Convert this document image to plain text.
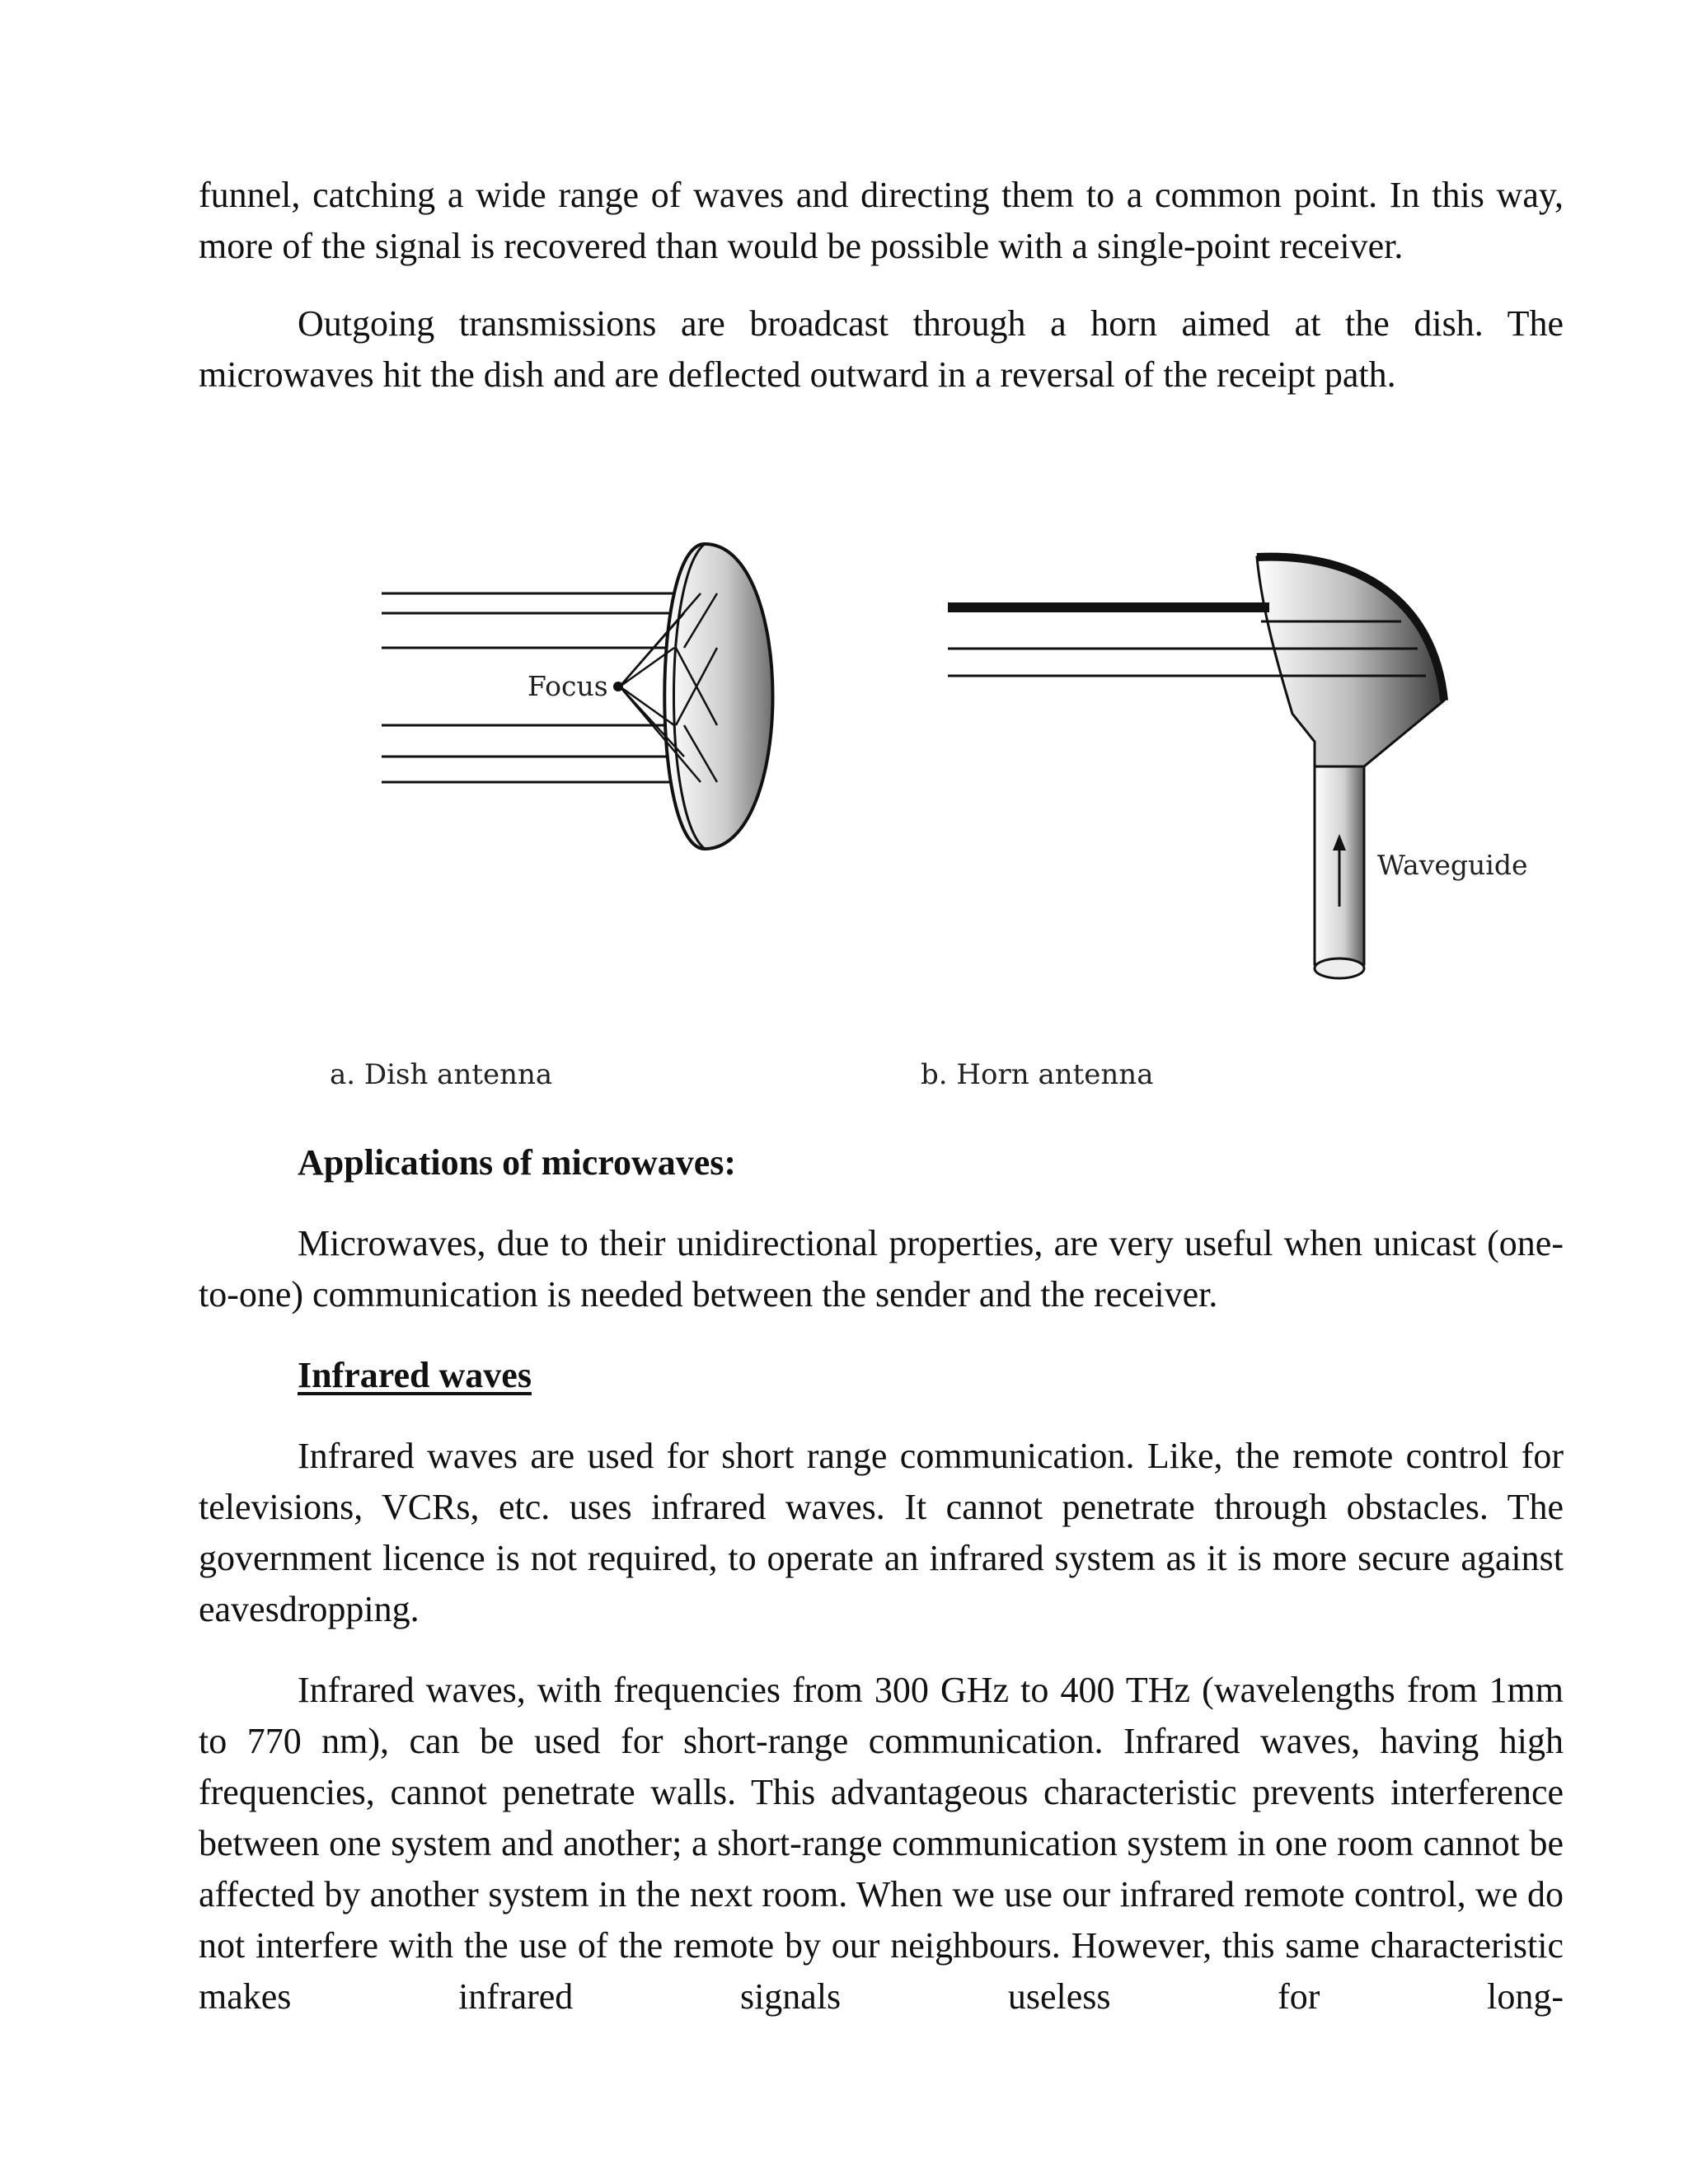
funnel, catching a wide range of waves and directing them to a common point. In this way, more of the signal is recovered than would be possible with a single-point receiver.

Outgoing transmissions are broadcast through a horn aimed at the dish. The microwaves hit the dish and are deflected outward in a reversal of the receipt path.

Focus
Waveguide
a. Dish antenna	b. Horn antenna
Applications of microwaves:

Microwaves, due to their unidirectional properties, are very useful when unicast (one-to-one) communication is needed between the sender and the receiver.

Infrared waves

Infrared waves are used for short range communication. Like, the remote control for televisions, VCRs, etc. uses infrared waves. It cannot penetrate through obstacles. The government licence is not required, to operate an infrared system as it is more secure against eavesdropping.

Infrared waves, with frequencies from 300 GHz to 400 THz (wavelengths from 1mm to 770 nm), can be used for short-range communication. Infrared waves, having high frequencies, cannot penetrate walls. This advantageous characteristic prevents interference between one system and another; a short-range communication system in one room cannot be affected by another system in the next room. When we use our infrared remote control, we do not interfere with the use of the remote by our neighbours. However, this same characteristic makes infrared signals useless for long-
